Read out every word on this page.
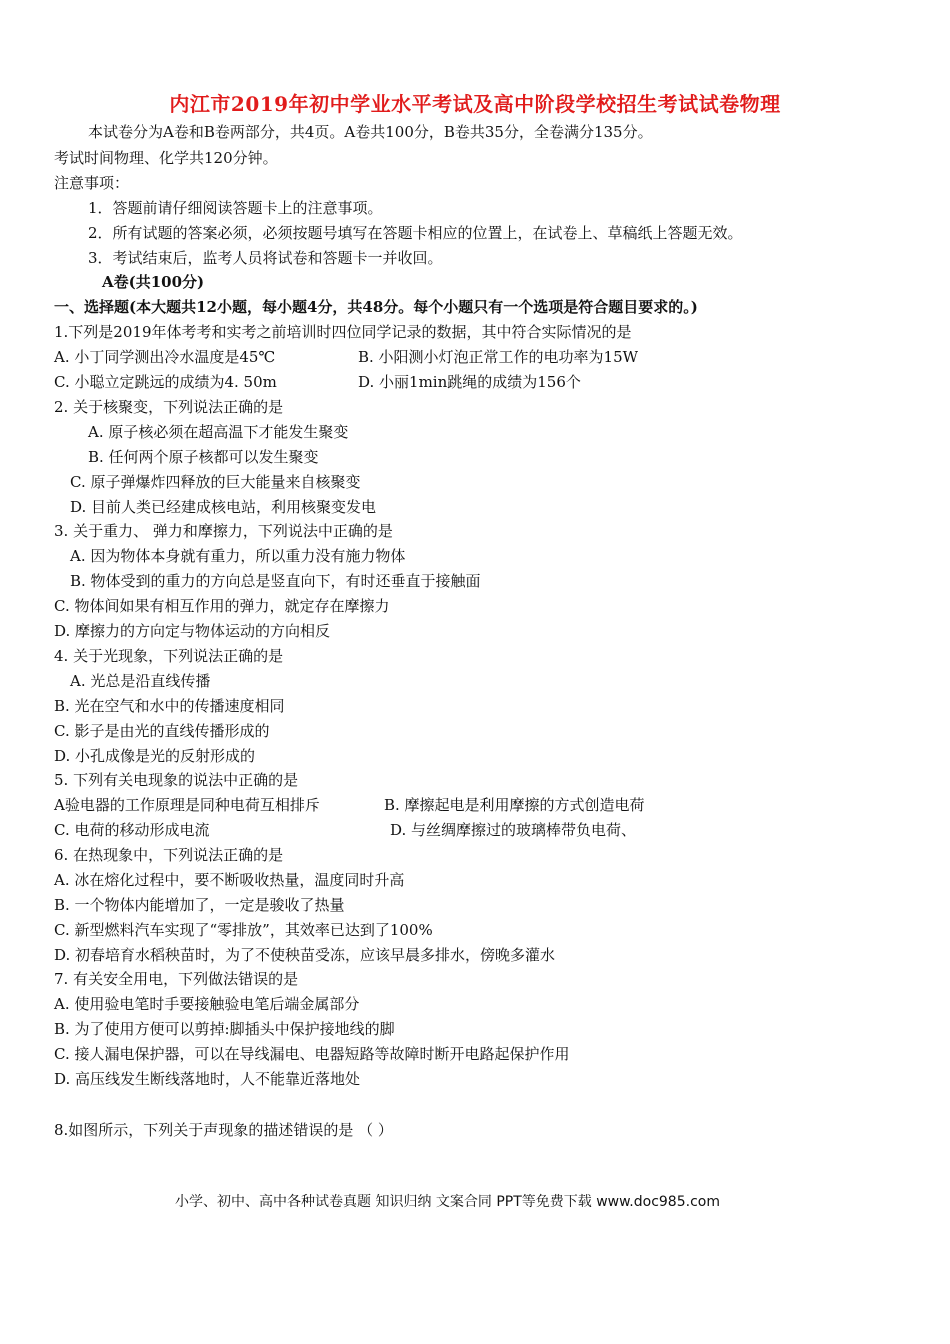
内江市2019年初中学业水平考试及高中阶段学校招生考试试卷物理
本试卷分为A卷和B卷两部分，共4页。A卷共100分，B卷共35分，全卷满分135分。
考试时间物理、化学共120分钟。
注意事项：
1．答题前请仔细阅读答题卡上的注意事项。
2．所有试题的答案必须，必须按题号填写在答题卡相应的位置上，在试卷上、草稿纸上答题无效。
3．考试结束后，监考人员将试卷和答题卡一并收回。
A卷(共100分)
一、选择题(本大题共12小题，每小题4分，共48分。每个小题只有一个选项是符合题目要求的。)
1.下列是2019年体考考和实考之前培训时四位同学记录的数据，其中符合实际情况的是
A. 小丁同学测出冷水温度是45℃	B. 小阳测小灯泡正常工作的电功率为15W
C. 小聪立定跳远的成绩为4. 50m	D. 小丽1min跳绳的成绩为156个
2. 关于核聚变，下列说法正确的是
A. 原子核必须在超高温下才能发生聚变
B. 任何两个原子核都可以发生聚变
C. 原子弹爆炸四释放的巨大能量来自核聚变
D. 目前人类已经建成核电站，利用核聚变发电
3. 关于重力、 弹力和摩擦力，下列说法中正确的是
A. 因为物体本身就有重力，所以重力没有施力物体
B. 物体受到的重力的方向总是竖直向下，有时还垂直于接触面
C. 物体间如果有相互作用的弹力，就定存在摩擦力
D. 摩擦力的方向定与物体运动的方向相反
4. 关于光现象，下列说法正确的是
A. 光总是沿直线传播
B. 光在空气和水中的传播速度相同
C. 影子是由光的直线传播形成的
D. 小孔成像是光的反射形成的
5. 下列有关电现象的说法中正确的是
A验电器的工作原理是同种电荷互相排斥	B. 摩擦起电是利用摩擦的方式创造电荷
C. 电荷的移动形成电流	D. 与丝绸摩擦过的玻璃棒带负电荷、
6. 在热现象中，下列说法正确的是
A. 冰在熔化过程中，要不断吸收热量，温度同时升高
B. 一个物体内能增加了，一定是骏收了热量
C. 新型燃料汽车实现了“零排放”，其效率已达到了100%
D. 初春培育水稻秧苗时，为了不使秧苗受冻，应该早晨多排水，傍晚多灌水
7. 有关安全用电，下列做法错误的是
A. 使用验电笔时手要接触验电笔后端金属部分
B. 为了使用方便可以剪掉:脚插头中保护接地线的脚
C. 接人漏电保护器，可以在导线漏电、电器短路等故障时断开电路起保护作用
D. 高压线发生断线落地时，人不能靠近落地处
8.如图所示，下列关于声现象的描述错误的是 （ ）
小学、初中、高中各种试卷真题 知识归纳 文案合同 PPT等免费下载 www.doc985.com
